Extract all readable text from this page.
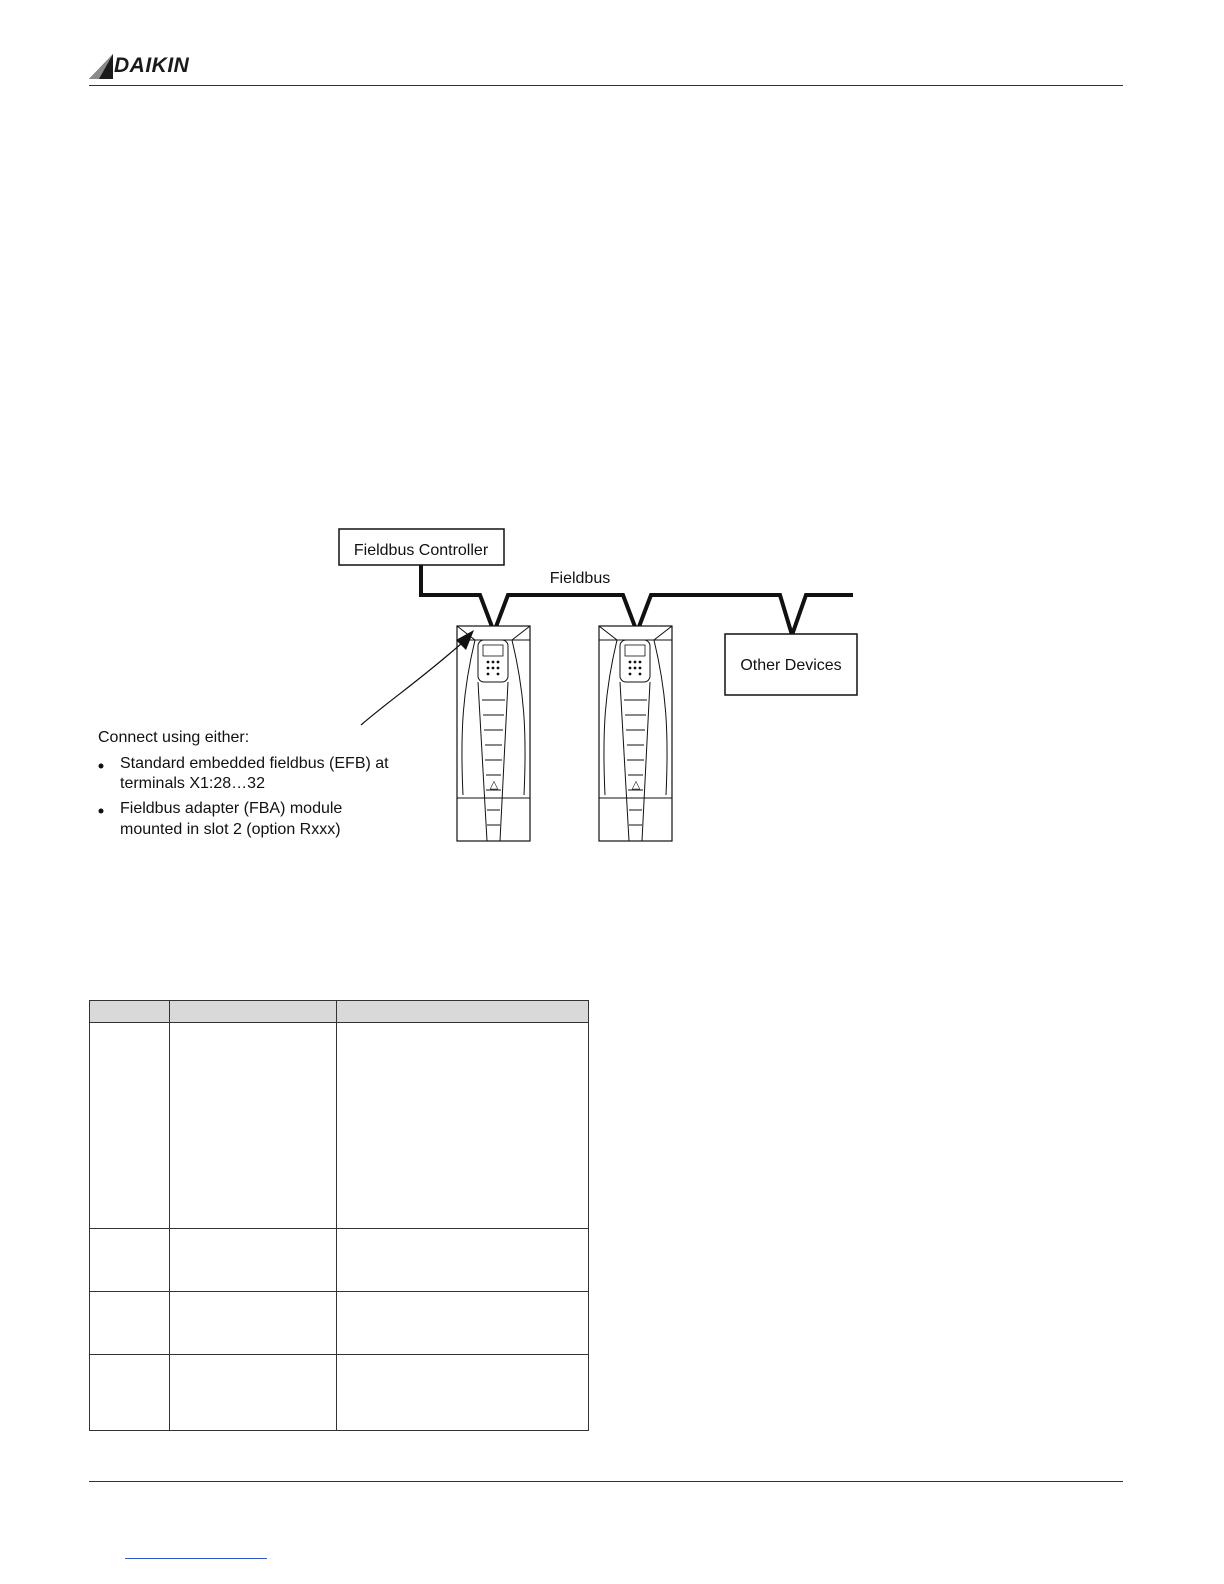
DAIKIN
Fieldbus Controller
Fieldbus
Other Devices
△	△
Connect using either:
Standard embedded fieldbus (EFB) at
terminals X1:28…32
Fieldbus adapter (FBA) module
mounted in slot 2 (option Rxxx)
